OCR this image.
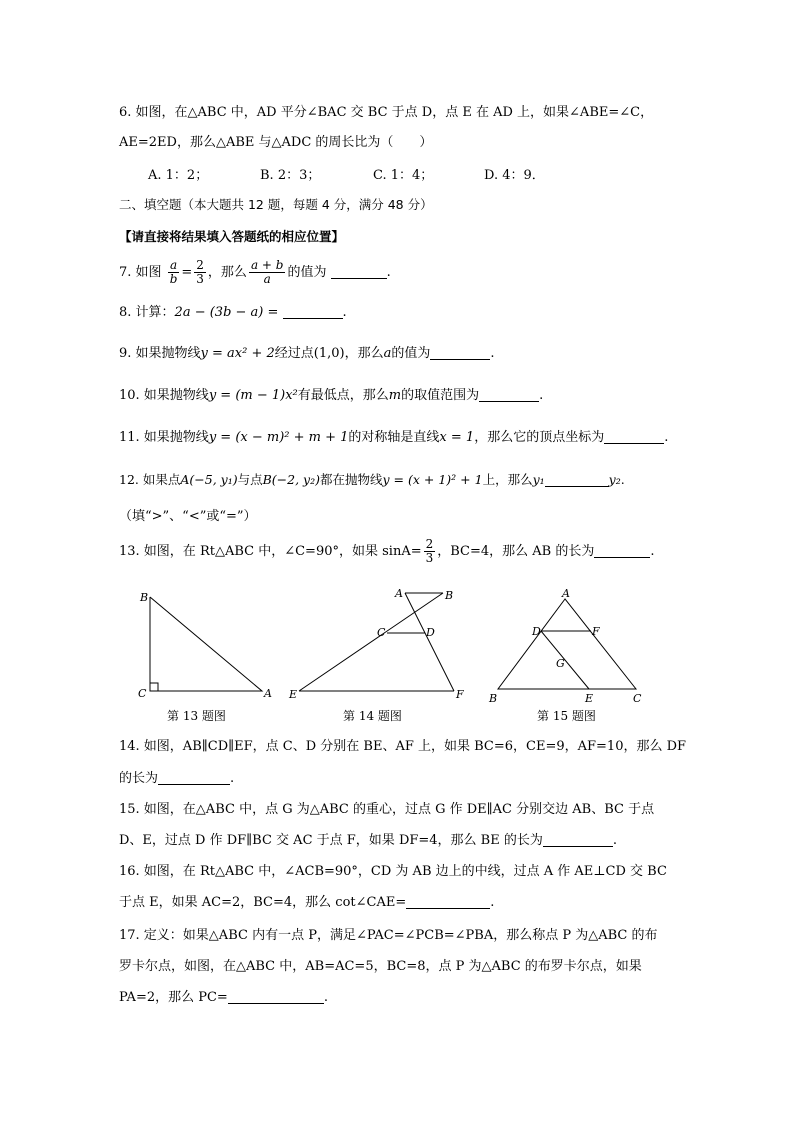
6. 如图，在△ABC 中，AD 平分∠BAC 交 BC 于点 D，点 E 在 AD 上，如果∠ABE=∠C，
AE=2ED，那么△ABE 与△ADC 的周长比为（　　）
A. 1：2；	B. 2：3；	C. 1：4；	D. 4：9．
二、填空题（本大题共 12 题，每题 4 分，满分 48 分）
【请直接将结果填入答题纸的相应位置】
7. 如图 $\frac{a}{b} = \frac{2}{3}$ ，那么 $\frac{a + b}{a}$ 的值为	.
8. 计算：2a − (3b − a) =	.
9. 如果抛物线y = ax² + 2经过点(1,0)，那么a的值为	.
10. 如果抛物线y = (m − 1)x²有最低点，那么m的取值范围为	.
11. 如果抛物线y = (x − m)² + m + 1的对称轴是直线x = 1，那么它的顶点坐标为	.
12. 如果点A(−5, y₁)与点B(−2, y₂)都在抛物线y = (x + 1)² + 1上，那么y₁	y₂.
（填“>”、“<”或“=”）
13. 如图，在 Rt△ABC 中，∠C=90°，如果 $\sin A= \frac{2}{3}$ ，BC=4，那么 AB 的长为	.
B
C	A
第 13 题图
A	B
C	D
E	F
第 14 题图
A
D	F
G
B	E	C
第 15 题图
14. 如图，AB∥CD∥EF，点 C、D 分别在 BE、AF 上，如果 BC=6，CE=9，AF=10，那么 DF
的长为	.
15. 如图，在△ABC 中，点 G 为△ABC 的重心，过点 G 作 DE∥AC 分别交边 AB、BC 于点
D、E，过点 D 作 DF∥BC 交 AC 于点 F，如果 DF=4，那么 BE 的长为	.
16. 如图，在 Rt△ABC 中，∠ACB=90°，CD 为 AB 边上的中线，过点 A 作 AE⊥CD 交 BC
于点 E，如果 AC=2，BC=4，那么 cot∠CAE=	.
17. 定义：如果△ABC 内有一点 P，满足∠PAC=∠PCB=∠PBA，那么称点 P 为△ABC 的布
罗卡尔点，如图，在△ABC 中，AB=AC=5，BC=8，点 P 为△ABC 的布罗卡尔点，如果
PA=2，那么 PC=	.
